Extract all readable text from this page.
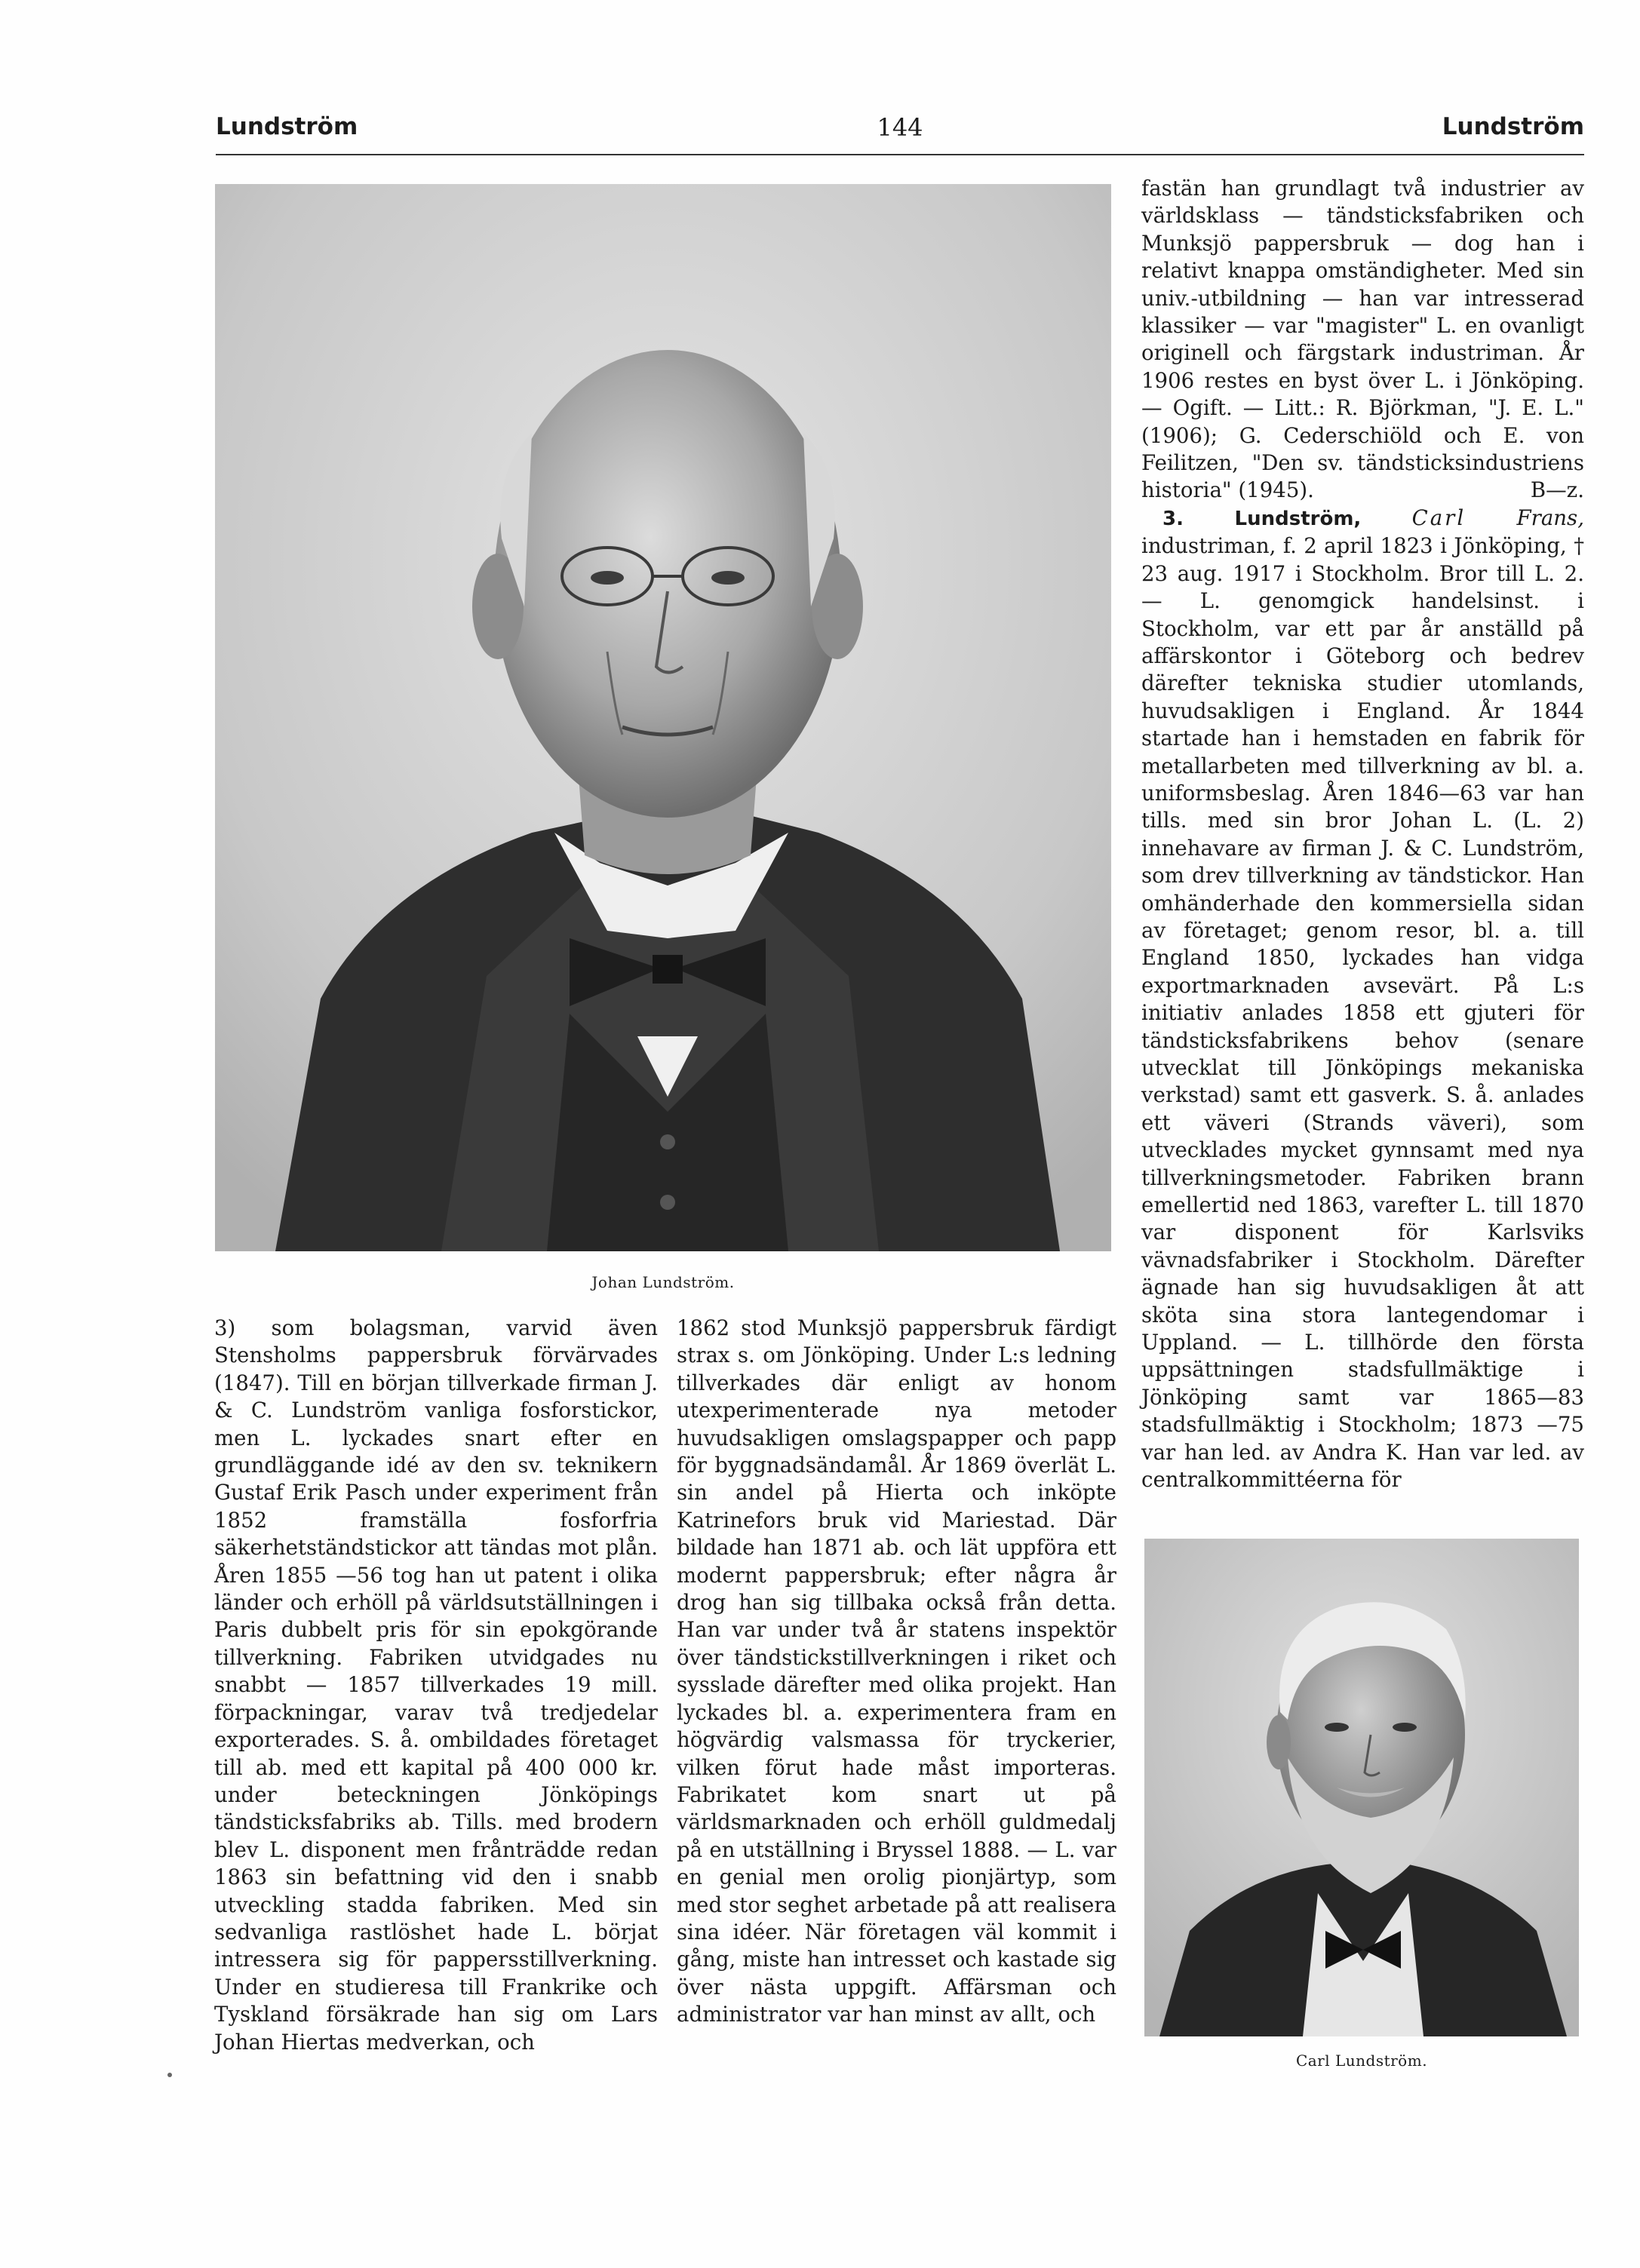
Lundström	144	Lundström
Johan Lundström.

3) som bolagsman, varvid även Stensholms pappersbruk förvärvades (1847). Till en början tillverkade firman J. & C. Lundström vanliga fosforstickor, men L. lyckades snart efter en grundläggande idé av den sv. teknikern Gustaf Erik Pasch under experiment från 1852 framställa fosforfria säkerhetständstickor att tändas mot plån. Åren 1855 —56 tog han ut patent i olika länder och erhöll på världsutställningen i Paris dubbelt pris för sin epokgörande tillverkning. Fabriken utvidgades nu snabbt — 1857 tillverkades 19 mill. förpackningar, varav två tredjedelar exporterades. S. å. ombildades företaget till ab. med ett kapital på 400 000 kr. under beteckningen Jönköpings tändsticksfabriks ab. Tills. med brodern blev L. disponent men frånträdde redan 1863 sin befattning vid den i snabb utveckling stadda fabriken. Med sin sedvanliga rastlöshet hade L. börjat intressera sig för pappersstillverkning. Under en studieresa till Frankrike och Tyskland försäkrade han sig om Lars Johan Hiertas medverkan, och

1862 stod Munksjö pappersbruk färdigt strax s. om Jönköping. Under L:s ledning tillverkades där enligt av honom utexperimenterade nya metoder huvudsakligen omslagspapper och papp för byggnadsändamål. År 1869 överlät L. sin andel på Hierta och inköpte Katrinefors bruk vid Mariestad. Där bildade han 1871 ab. och lät uppföra ett modernt pappersbruk; efter några år drog han sig tillbaka också från detta. Han var under två år statens inspektör över tändstickstillverkningen i riket och sysslade därefter med olika projekt. Han lyckades bl. a. experimentera fram en högvärdig valsmassa för tryckerier, vilken förut hade måst importeras. Fabrikatet kom snart ut på världsmarknaden och erhöll guldmedalj på en utställning i Bryssel 1888. — L. var en genial men orolig pionjärtyp, som med stor seghet arbetade på att realisera sina idéer. När företagen väl kommit i gång, miste han intresset och kastade sig över nästa uppgift. Affärsman och administrator var han minst av allt, och

fastän han grundlagt två industrier av världsklass — tändsticksfabriken och Munksjö pappersbruk — dog han i relativt knappa omständigheter. Med sin univ.-utbildning — han var intresserad klassiker — var "magister" L. en ovanligt originell och färgstark industriman. År 1906 restes en byst över L. i Jönköping. — Ogift. — Litt.: R. Björkman, "J. E. L." (1906); G. Cederschiöld och E. von Feilitzen, "Den sv. tändsticksindustriens historia" (1945).	B—z.

3. Lundström, Carl Frans, industriman, f. 2 april 1823 i Jönköping, † 23 aug. 1917 i Stockholm. Bror till L. 2. — L. genomgick handelsinst. i Stockholm, var ett par år anställd på affärskontor i Göteborg och bedrev därefter tekniska studier utomlands, huvudsakligen i England. År 1844 startade han i hemstaden en fabrik för metallarbeten med tillverkning av bl. a. uniformsbeslag. Åren 1846—63 var han tills. med sin bror Johan L. (L. 2) innehavare av firman J. & C. Lundström, som drev tillverkning av tändstickor. Han omhänderhade den kommersiella sidan av företaget; genom resor, bl. a. till England 1850, lyckades han vidga exportmarknaden avsevärt. På L:s initiativ anlades 1858 ett gjuteri för tändsticksfabrikens behov (senare utvecklat till Jönköpings mekaniska verkstad) samt ett gasverk. S. å. anlades ett väveri (Strands väveri), som utvecklades mycket gynnsamt med nya tillverkningsmetoder. Fabriken brann emellertid ned 1863, varefter L. till 1870 var disponent för Karlsviks vävnadsfabriker i Stockholm. Därefter ägnade han sig huvudsakligen åt att sköta sina stora lantegendomar i Uppland. — L. tillhörde den första uppsättningen stadsfullmäktige i Jönköping samt var 1865—83 stadsfullmäktig i Stockholm; 1873 —75 var han led. av Andra K. Han var led. av centralkommittéerna för

Carl Lundström.
